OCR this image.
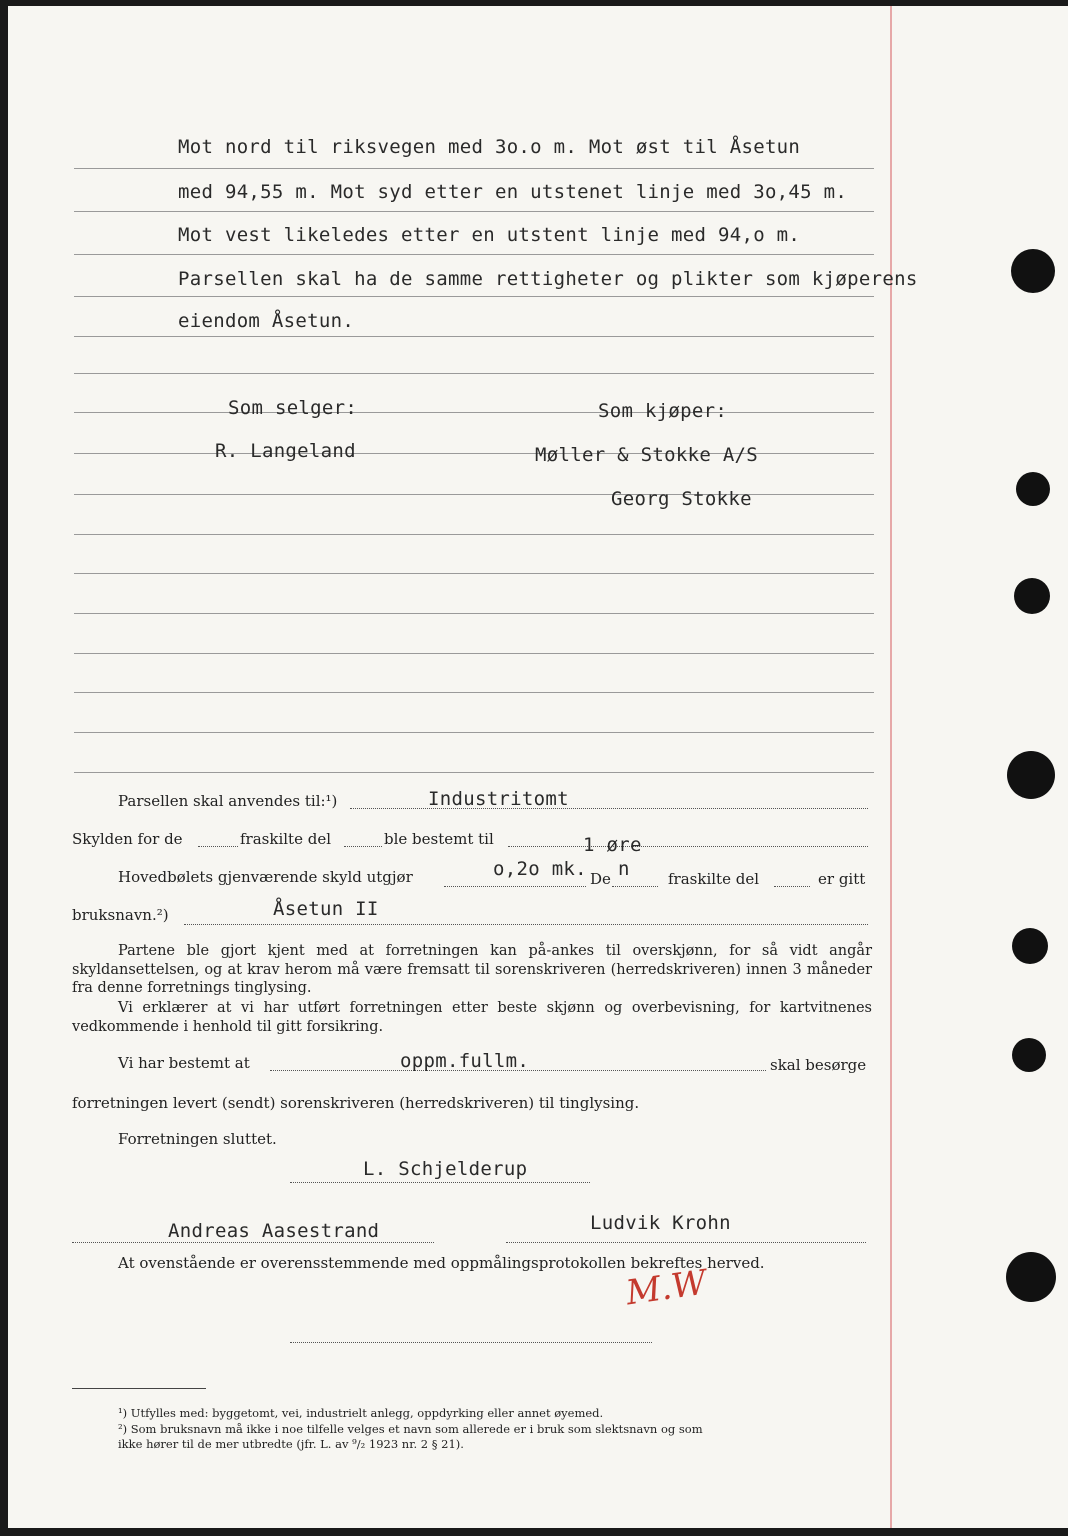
Mot nord til riksvegen med 3o.o m. Mot øst til Åsetun
med 94,55 m. Mot syd etter en utstenet linje med 3o,45 m.
Mot vest likeledes etter en utstent linje med 94,o m.
Parsellen skal ha de samme rettigheter og plikter som kjøperens
eiendom Åsetun.
Som selger:	Som kjøper:
R. Langeland	Møller & Stokke A/S
Georg Stokke
Parsellen skal anvendes til:¹)	Industritomt
Skylden for de	fraskilte del	ble bestemt til	1 øre
Hovedbølets gjenværende skyld utgjør	o,2o mk. De n	fraskilte del	er gitt
bruksnavn.²)	Åsetun II
Partene ble gjort kjent med at forretningen kan på-ankes til overskjønn, for så vidt angår skyldansettelsen, og at krav herom må være fremsatt til sorenskriveren (herredskriveren) innen 3 måneder fra denne forretnings tinglysing.
Vi erklærer at vi har utført forretningen etter beste skjønn og overbevisning, for kartvitnenes vedkommende i henhold til gitt forsikring.
Vi har bestemt at	oppm.fullm.	skal besørge
forretningen levert (sendt) sorenskriveren (herredskriveren) til tinglysing.
Forretningen sluttet.
L. Schjelderup
Andreas Aasestrand	Ludvik Krohn
At ovenstående er overensstemmende med oppmålingsprotokollen bekreftes herved.
M.W
¹) Utfylles med: byggetomt, vei, industrielt anlegg, oppdyrking eller annet øyemed.
²) Som bruksnavn må ikke i noe tilfelle velges et navn som allerede er i bruk som slektsnavn og som
ikke hører til de mer utbredte (jfr. L. av ⁹/₂ 1923 nr. 2 § 21).
